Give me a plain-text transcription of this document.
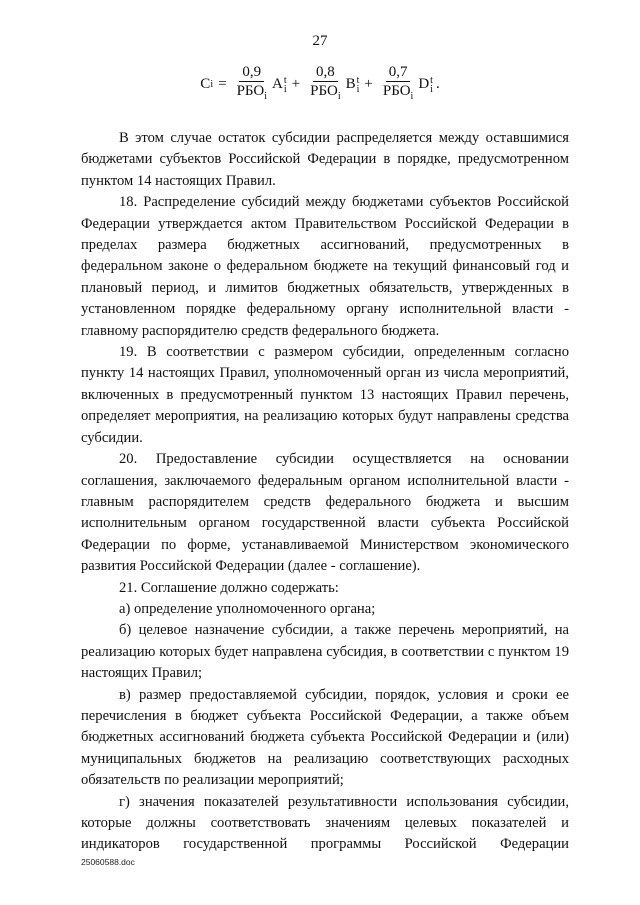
27
C $i = \frac{0,9}{РБО_i}$ A t
$i + \frac{0,8}{РБО_i}$ B t
$i + \frac{0,7}{РБО_i}$ D t
i .

В этом случае остаток субсидии распределяется между оставшимися бюджетами субъектов Российской Федерации в порядке, предусмотренном пунктом 14 настоящих Правил.

18. Распределение субсидий между бюджетами субъектов Российской Федерации утверждается актом Правительством Российской Федерации в пределах размера бюджетных ассигнований, предусмотренных в федеральном законе о федеральном бюджете на текущий финансовый год и плановый период, и лимитов бюджетных обязательств, утвержденных в установленном порядке федеральному органу исполнительной власти - главному распорядителю средств федерального бюджета.

19. В соответствии с размером субсидии, определенным согласно пункту 14 настоящих Правил, уполномоченный орган из числа мероприятий, включенных в предусмотренный пунктом 13 настоящих Правил перечень, определяет мероприятия, на реализацию которых будут направлены средства субсидии.

20. Предоставление субсидии осуществляется на основании соглашения, заключаемого федеральным органом исполнительной власти - главным распорядителем средств федерального бюджета и высшим исполнительным органом государственной власти субъекта Российской Федерации по форме, устанавливаемой Министерством экономического развития Российской Федерации (далее - соглашение).

21. Соглашение должно содержать:

а) определение уполномоченного органа;

б) целевое назначение субсидии, а также перечень мероприятий, на реализацию которых будет направлена субсидия, в соответствии с пунктом 19 настоящих Правил;

в) размер предоставляемой субсидии, порядок, условия и сроки ее перечисления в бюджет субъекта Российской Федерации, а также объем бюджетных ассигнований бюджета субъекта Российской Федерации и (или) муниципальных бюджетов на реализацию соответствующих расходных обязательств по реализации мероприятий;

г) значения показателей результативности использования субсидии, которые должны соответствовать значениям целевых показателей и индикаторов государственной программы Российской Федерации

25060588.doc
